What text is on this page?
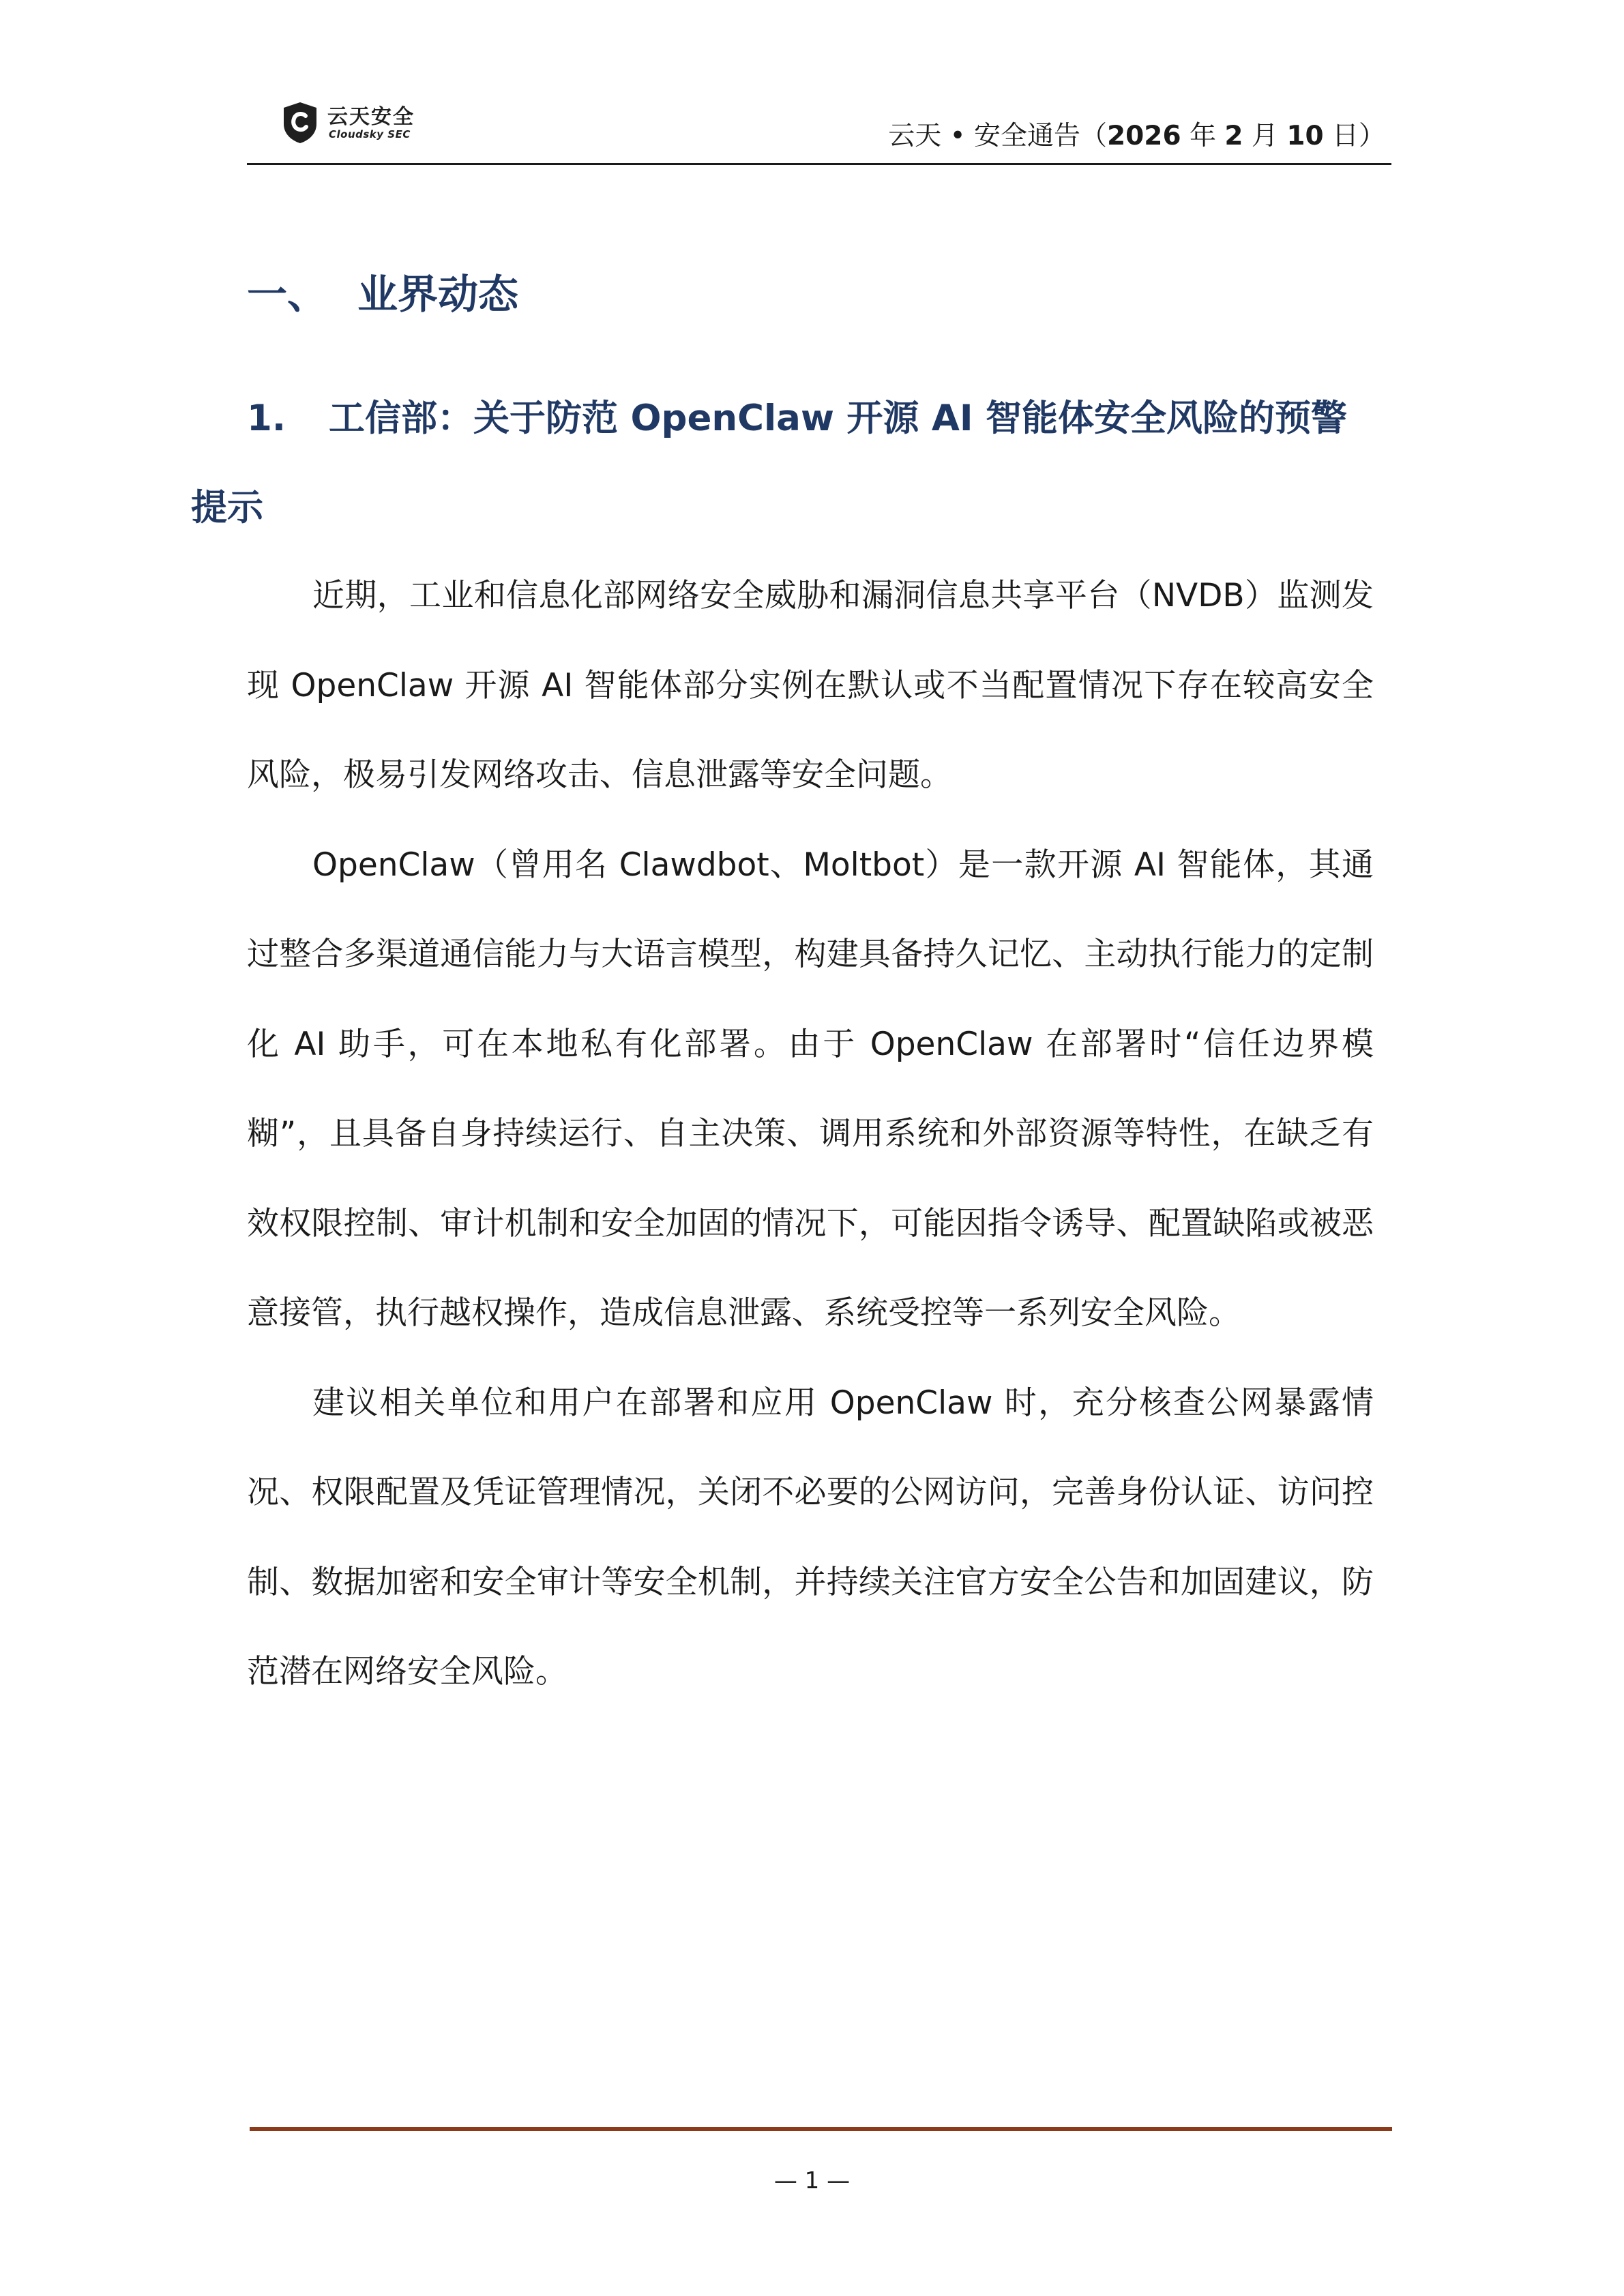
云天安全
Cloudsky SEC	云天 • 安全通告（2026 年 2 月 10 日）
一、 业界动态
1. 工信部：关于防范 OpenClaw 开源 AI 智能体安全风险的预警提示

近期，工业和信息化部网络安全威胁和漏洞信息共享平台（NVDB）监测发现 OpenClaw 开源 AI 智能体部分实例在默认或不当配置情况下存在较高安全风险，极易引发网络攻击、信息泄露等安全问题。

OpenClaw（曾用名 Clawdbot、Moltbot）是一款开源 AI 智能体，其通过整合多渠道通信能力与大语言模型，构建具备持久记忆、主动执行能力的定制化 AI 助手，可在本地私有化部署。由于 OpenClaw 在部署时“信任边界模糊”，且具备自身持续运行、自主决策、调用系统和外部资源等特性，在缺乏有效权限控制、审计机制和安全加固的情况下，可能因指令诱导、配置缺陷或被恶意接管，执行越权操作，造成信息泄露、系统受控等一系列安全风险。

建议相关单位和用户在部署和应用 OpenClaw 时，充分核查公网暴露情况、权限配置及凭证管理情况，关闭不必要的公网访问，完善身份认证、访问控制、数据加密和安全审计等安全机制，并持续关注官方安全公告和加固建议，防范潜在网络安全风险。

— 1 —
